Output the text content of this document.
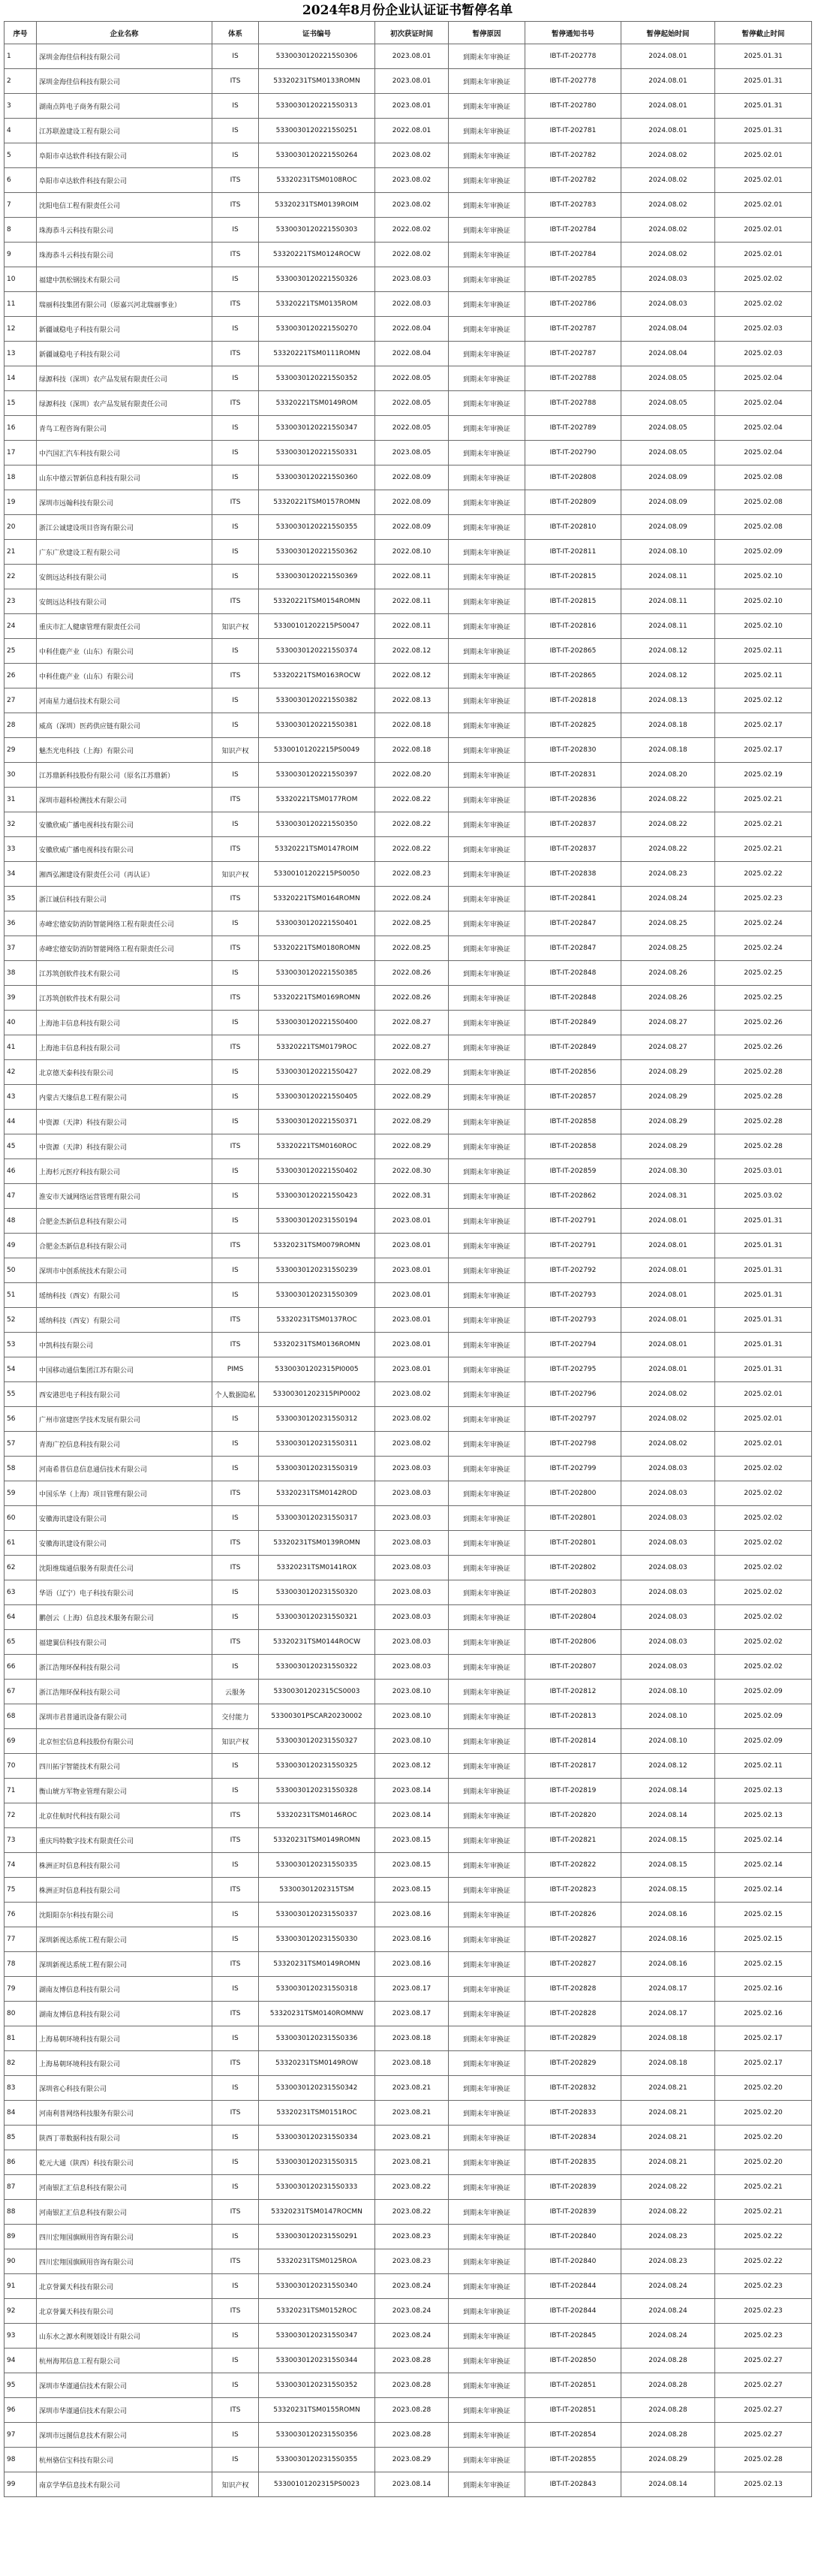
2024年8月份企业认证证书暂停名单
序号	企业名称	体系	证书编号	初次获证时间	暂停原因	暂停通知书号	暂停起始时间	暂停截止时间
1	深圳金海佳信科技有限公司	IS	53300301202215S0306	2023.08.01	到期未年审换证	IBT-IT-202778	2024.08.01	2025.01.31
2	深圳金海佳信科技有限公司	ITS	53320231TSM0133ROMN	2023.08.01	到期未年审换证	IBT-IT-202778	2024.08.01	2025.01.31
3	湖南点阵电子商务有限公司	IS	53300301202215S0313	2023.08.01	到期未年审换证	IBT-IT-202780	2024.08.01	2025.01.31
4	江苏联盈建设工程有限公司	IS	53300301202215S0251	2022.08.01	到期未年审换证	IBT-IT-202781	2024.08.01	2025.01.31
5	阜阳市卓达软件科技有限公司	IS	53300301202215S0264	2023.08.02	到期未年审换证	IBT-IT-202782	2024.08.02	2025.02.01
6	阜阳市卓达软件科技有限公司	ITS	53320231TSM0108ROC	2023.08.02	到期未年审换证	IBT-IT-202782	2024.08.02	2025.02.01
7	沈阳电信工程有限责任公司	ITS	53320231TSM0139ROIM	2023.08.02	到期未年审换证	IBT-IT-202783	2024.08.02	2025.02.01
8	珠海恭斗云科技有限公司	IS	53300301202215S0303	2022.08.02	到期未年审换证	IBT-IT-202784	2024.08.02	2025.02.01
9	珠海恭斗云科技有限公司	ITS	53320221TSM0124ROCW	2022.08.02	到期未年审换证	IBT-IT-202784	2024.08.02	2025.02.01
10	福建中凯松钢技术有限公司	IS	53300301202215S0326	2023.08.03	到期未年审换证	IBT-IT-202785	2024.08.03	2025.02.02
11	瑞丽科技集团有限公司（原嘉兴河北瑞丽事业）	ITS	53320221TSM0135ROM	2022.08.03	到期未年审换证	IBT-IT-202786	2024.08.03	2025.02.02
12	新疆诚稳电子科技有限公司	IS	53300301202215S0270	2022.08.04	到期未年审换证	IBT-IT-202787	2024.08.04	2025.02.03
13	新疆诚稳电子科技有限公司	ITS	53320221TSM0111ROMN	2022.08.04	到期未年审换证	IBT-IT-202787	2024.08.04	2025.02.03
14	绿源科技（深圳）农产品发展有限责任公司	IS	53300301202215S0352	2022.08.05	到期未年审换证	IBT-IT-202788	2024.08.05	2025.02.04
15	绿源科技（深圳）农产品发展有限责任公司	ITS	53320221TSM0149ROM	2022.08.05	到期未年审换证	IBT-IT-202788	2024.08.05	2025.02.04
16	青鸟工程咨询有限公司	IS	53300301202215S0347	2022.08.05	到期未年审换证	IBT-IT-202789	2024.08.05	2025.02.04
17	中汽国汇汽车科技有限公司	IS	53300301202215S0331	2023.08.05	到期未年审换证	IBT-IT-202790	2024.08.05	2025.02.04
18	山东中德云智新信息科技有限公司	IS	53300301202215S0360	2022.08.09	到期未年审换证	IBT-IT-202808	2024.08.09	2025.02.08
19	深圳市远翰科技有限公司	ITS	53320221TSM0157ROMN	2022.08.09	到期未年审换证	IBT-IT-202809	2024.08.09	2025.02.08
20	浙江公诚建设项目咨询有限公司	IS	53300301202215S0355	2022.08.09	到期未年审换证	IBT-IT-202810	2024.08.09	2025.02.08
21	广东广欣建设工程有限公司	IS	53300301202215S0362	2022.08.10	到期未年审换证	IBT-IT-202811	2024.08.10	2025.02.09
22	安朗远达科技有限公司	IS	53300301202215S0369	2022.08.11	到期未年审换证	IBT-IT-202815	2024.08.11	2025.02.10
23	安朗远达科技有限公司	ITS	53320221TSM0154ROMN	2022.08.11	到期未年审换证	IBT-IT-202815	2024.08.11	2025.02.10
24	重庆市汇人健康管理有限责任公司	知识产权	53300101202215PS0047	2022.08.11	到期未年审换证	IBT-IT-202816	2024.08.11	2025.02.10
25	中科佳鹿产业（山东）有限公司	IS	53300301202215S0374	2022.08.12	到期未年审换证	IBT-IT-202865	2024.08.12	2025.02.11
26	中科佳鹿产业（山东）有限公司	ITS	53320221TSM0163ROCW	2022.08.12	到期未年审换证	IBT-IT-202865	2024.08.12	2025.02.11
27	河南星力通信技术有限公司	IS	53300301202215S0382	2022.08.13	到期未年审换证	IBT-IT-202818	2024.08.13	2025.02.12
28	威高（深圳）医药供应链有限公司	IS	53300301202215S0381	2022.08.18	到期未年审换证	IBT-IT-202825	2024.08.18	2025.02.17
29	魅杰光电科技（上海）有限公司	知识产权	53300101202215PS0049	2022.08.18	到期未年审换证	IBT-IT-202830	2024.08.18	2025.02.17
30	江苏鼎新科技股份有限公司（原名江苏鼎新）	IS	53300301202215S0397	2022.08.20	到期未年审换证	IBT-IT-202831	2024.08.20	2025.02.19
31	深圳市超科检测技术有限公司	ITS	53320221TSM0177ROM	2022.08.22	到期未年审换证	IBT-IT-202836	2024.08.22	2025.02.21
32	安徽欣威广播电视科技有限公司	IS	53300301202215S0350	2022.08.22	到期未年审换证	IBT-IT-202837	2024.08.22	2025.02.21
33	安徽欣威广播电视科技有限公司	ITS	53320221TSM0147ROIM	2022.08.22	到期未年审换证	IBT-IT-202837	2024.08.22	2025.02.21
34	湘西弘湘建设有限责任公司（再认证）	知识产权	53300101202215PS0050	2022.08.23	到期未年审换证	IBT-IT-202838	2024.08.23	2025.02.22
35	浙江诚信科技有限公司	ITS	53320221TSM0164ROMN	2022.08.24	到期未年审换证	IBT-IT-202841	2024.08.24	2025.02.23
36	赤峰宏德安防消防智能网络工程有限责任公司	IS	53300301202215S0401	2022.08.25	到期未年审换证	IBT-IT-202847	2024.08.25	2025.02.24
37	赤峰宏德安防消防智能网络工程有限责任公司	ITS	53320221TSM0180ROMN	2022.08.25	到期未年审换证	IBT-IT-202847	2024.08.25	2025.02.24
38	江苏筑创软件技术有限公司	IS	53300301202215S0385	2022.08.26	到期未年审换证	IBT-IT-202848	2024.08.26	2025.02.25
39	江苏筑创软件技术有限公司	ITS	53320221TSM0169ROMN	2022.08.26	到期未年审换证	IBT-IT-202848	2024.08.26	2025.02.25
40	上海池丰信息科技有限公司	IS	53300301202215S0400	2022.08.27	到期未年审换证	IBT-IT-202849	2024.08.27	2025.02.26
41	上海池丰信息科技有限公司	ITS	53320221TSM0179ROC	2022.08.27	到期未年审换证	IBT-IT-202849	2024.08.27	2025.02.26
42	北京德天泰科技有限公司	IS	53300301202215S0427	2022.08.29	到期未年审换证	IBT-IT-202856	2024.08.29	2025.02.28
43	内蒙古天缘信息工程有限公司	IS	53300301202215S0405	2022.08.29	到期未年审换证	IBT-IT-202857	2024.08.29	2025.02.28
44	中资源（天津）科技有限公司	IS	53300301202215S0371	2022.08.29	到期未年审换证	IBT-IT-202858	2024.08.29	2025.02.28
45	中资源（天津）科技有限公司	ITS	53320221TSM0160ROC	2022.08.29	到期未年审换证	IBT-IT-202858	2024.08.29	2025.02.28
46	上海杉元医疗科技有限公司	IS	53300301202215S0402	2022.08.30	到期未年审换证	IBT-IT-202859	2024.08.30	2025.03.01
47	淮安市天诚网络运营管理有限公司	IS	53300301202215S0423	2022.08.31	到期未年审换证	IBT-IT-202862	2024.08.31	2025.03.02
48	合肥金杰新信息科技有限公司	IS	53300301202315S0194	2023.08.01	到期未年审换证	IBT-IT-202791	2024.08.01	2025.01.31
49	合肥金杰新信息科技有限公司	ITS	53320231TSM0079ROMN	2023.08.01	到期未年审换证	IBT-IT-202791	2024.08.01	2025.01.31
50	深圳市中创系统技术有限公司	IS	53300301202315S0239	2023.08.01	到期未年审换证	IBT-IT-202792	2024.08.01	2025.01.31
51	瑶纳科技（西安）有限公司	IS	53300301202315S0309	2023.08.01	到期未年审换证	IBT-IT-202793	2024.08.01	2025.01.31
52	瑶纳科技（西安）有限公司	ITS	53320231TSM0137ROC	2023.08.01	到期未年审换证	IBT-IT-202793	2024.08.01	2025.01.31
53	中凯科技有限公司	ITS	53320231TSM0136ROMN	2023.08.01	到期未年审换证	IBT-IT-202794	2024.08.01	2025.01.31
54	中国移动通信集团江苏有限公司	PIMS	53300301202315PI0005	2023.08.01	到期未年审换证	IBT-IT-202795	2024.08.01	2025.01.31
55	西安港思电子科技有限公司	个人数据隐私	53300301202315PIP0002	2023.08.02	到期未年审换证	IBT-IT-202796	2024.08.02	2025.02.01
56	广州市富建医学技术发展有限公司	IS	53300301202315S0312	2023.08.02	到期未年审换证	IBT-IT-202797	2024.08.02	2025.02.01
57	青海广控信息科技有限公司	IS	53300301202315S0311	2023.08.02	到期未年审换证	IBT-IT-202798	2024.08.02	2025.02.01
58	河南希普信息信息通信技术有限公司	IS	53300301202315S0319	2023.08.03	到期未年审换证	IBT-IT-202799	2024.08.03	2025.02.02
59	中国乐华（上海）项目管理有限公司	ITS	53320231TSM0142ROD	2023.08.03	到期未年审换证	IBT-IT-202800	2024.08.03	2025.02.02
60	安徽海讯建设有限公司	IS	53300301202315S0317	2023.08.03	到期未年审换证	IBT-IT-202801	2024.08.03	2025.02.02
61	安徽海讯建设有限公司	ITS	53320231TSM0139ROMN	2023.08.03	到期未年审换证	IBT-IT-202801	2024.08.03	2025.02.02
62	沈阳维瑞通信服务有限责任公司	ITS	53320231TSM0141ROX	2023.08.03	到期未年审换证	IBT-IT-202802	2024.08.03	2025.02.02
63	华语（辽宁）电子科技有限公司	IS	53300301202315S0320	2023.08.03	到期未年审换证	IBT-IT-202803	2024.08.03	2025.02.02
64	鹏创云（上海）信息技术服务有限公司	IS	53300301202315S0321	2023.08.03	到期未年审换证	IBT-IT-202804	2024.08.03	2025.02.02
65	福建翼信科技有限公司	ITS	53320231TSM0144ROCW	2023.08.03	到期未年审换证	IBT-IT-202806	2024.08.03	2025.02.02
66	浙江浩翔环保科技有限公司	IS	53300301202315S0322	2023.08.03	到期未年审换证	IBT-IT-202807	2024.08.03	2025.02.02
67	浙江浩翔环保科技有限公司	云服务	53300301202315CS0003	2023.08.10	到期未年审换证	IBT-IT-202812	2024.08.10	2025.02.09
68	深圳市君普通讯设备有限公司	交付能力	53300301PSCAR20230002	2023.08.10	到期未年审换证	IBT-IT-202813	2024.08.10	2025.02.09
69	北京恒宏信息科技股份有限公司	知识产权	53300301202315S0327	2023.08.10	到期未年审换证	IBT-IT-202814	2024.08.10	2025.02.09
70	四川拓宇智能技术有限公司	IS	53300301202315S0325	2023.08.12	到期未年审换证	IBT-IT-202817	2024.08.12	2025.02.11
71	衡山琥方军物业管理有限公司	IS	53300301202315S0328	2023.08.14	到期未年审换证	IBT-IT-202819	2024.08.14	2025.02.13
72	北京佳航时代科技有限公司	ITS	53320231TSM0146ROC	2023.08.14	到期未年审换证	IBT-IT-202820	2024.08.14	2025.02.13
73	重庆玛特数字技术有限责任公司	ITS	53320231TSM0149ROMN	2023.08.15	到期未年审换证	IBT-IT-202821	2024.08.15	2025.02.14
74	株洲正时信息科技有限公司	IS	53300301202315S0335	2023.08.15	到期未年审换证	IBT-IT-202822	2024.08.15	2025.02.14
75	株洲正时信息科技有限公司	ITS	53300301202315TSM	2023.08.15	到期未年审换证	IBT-IT-202823	2024.08.15	2025.02.14
76	沈阳阳奈尔科技有限公司	IS	53300301202315S0337	2023.08.16	到期未年审换证	IBT-IT-202826	2024.08.16	2025.02.15
77	深圳新视达系统工程有限公司	IS	53300301202315S0330	2023.08.16	到期未年审换证	IBT-IT-202827	2024.08.16	2025.02.15
78	深圳新视达系统工程有限公司	ITS	53320231TSM0149ROMN	2023.08.16	到期未年审换证	IBT-IT-202827	2024.08.16	2025.02.15
79	湖南友博信息科技有限公司	IS	53300301202315S0318	2023.08.17	到期未年审换证	IBT-IT-202828	2024.08.17	2025.02.16
80	湖南友博信息科技有限公司	ITS	53320231TSM0140ROMNW	2023.08.17	到期未年审换证	IBT-IT-202828	2024.08.17	2025.02.16
81	上海易朝环境科技有限公司	IS	53300301202315S0336	2023.08.18	到期未年审换证	IBT-IT-202829	2024.08.18	2025.02.17
82	上海易朝环境科技有限公司	ITS	53320231TSM0149ROW	2023.08.18	到期未年审换证	IBT-IT-202829	2024.08.18	2025.02.17
83	深圳省心科技有限公司	IS	53300301202315S0342	2023.08.21	到期未年审换证	IBT-IT-202832	2024.08.21	2025.02.20
84	河南利普网络科技服务有限公司	ITS	53320231TSM0151ROC	2023.08.21	到期未年审换证	IBT-IT-202833	2024.08.21	2025.02.20
85	陕西丁蒂数据科技有限公司	IS	53300301202315S0334	2023.08.21	到期未年审换证	IBT-IT-202834	2024.08.21	2025.02.20
86	乾元大通（陕西）科技有限公司	IS	53300301202315S0315	2023.08.21	到期未年审换证	IBT-IT-202835	2024.08.21	2025.02.20
87	河南银汇汇信息科技有限公司	IS	53300301202315S0333	2023.08.22	到期未年审换证	IBT-IT-202839	2024.08.22	2025.02.21
88	河南银汇汇信息科技有限公司	ITS	53320231TSM0147ROCMN	2023.08.22	到期未年审换证	IBT-IT-202839	2024.08.22	2025.02.21
89	四川宏翔国旗顾用咨询有限公司	IS	53300301202315S0291	2023.08.23	到期未年审换证	IBT-IT-202840	2024.08.23	2025.02.22
90	四川宏翔国旗顾用咨询有限公司	ITS	53320231TSM0125ROA	2023.08.23	到期未年审换证	IBT-IT-202840	2024.08.23	2025.02.22
91	北京誉翼天科技有限公司	IS	53300301202315S0340	2023.08.24	到期未年审换证	IBT-IT-202844	2024.08.24	2025.02.23
92	北京誉翼天科技有限公司	ITS	53320231TSM0152ROC	2023.08.24	到期未年审换证	IBT-IT-202844	2024.08.24	2025.02.23
93	山东水之源水利规划设计有限公司	IS	53300301202315S0347	2023.08.24	到期未年审换证	IBT-IT-202845	2024.08.24	2025.02.23
94	杭州海邦信息工程有限公司	IS	53300301202315S0344	2023.08.28	到期未年审换证	IBT-IT-202850	2024.08.28	2025.02.27
95	深圳市华谨通信技术有限公司	IS	53300301202315S0352	2023.08.28	到期未年审换证	IBT-IT-202851	2024.08.28	2025.02.27
96	深圳市华谨通信技术有限公司	ITS	53320231TSM0155ROMN	2023.08.28	到期未年审换证	IBT-IT-202851	2024.08.28	2025.02.27
97	深圳市远图信息技术有限公司	IS	53300301202315S0356	2023.08.28	到期未年审换证	IBT-IT-202854	2024.08.28	2025.02.27
98	杭州骆信宝科技有限公司	IS	53300301202315S0355	2023.08.29	到期未年审换证	IBT-IT-202855	2024.08.29	2025.02.28
99	南京学华信息技术有限公司	知识产权	53300101202315PS0023	2023.08.14	到期未年审换证	IBT-IT-202843	2024.08.14	2025.02.13
